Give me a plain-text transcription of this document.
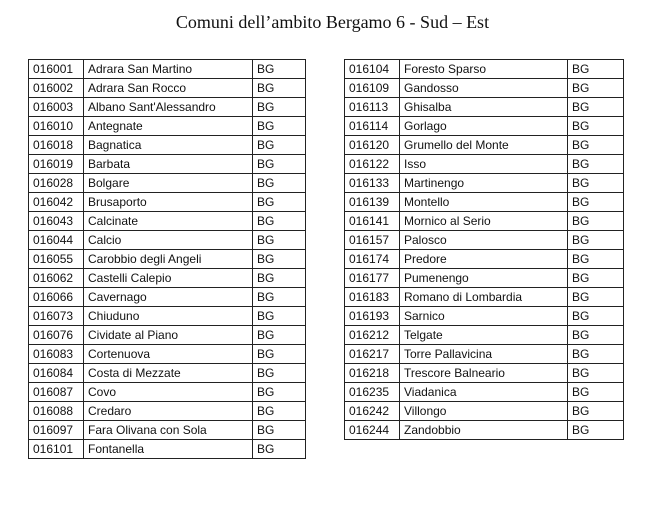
Comuni dell’ambito Bergamo 6 - Sud – Est
016001	Adrara San Martino	BG
016002	Adrara San Rocco	BG
016003	Albano Sant'Alessandro	BG
016010	Antegnate	BG
016018	Bagnatica	BG
016019	Barbata	BG
016028	Bolgare	BG
016042	Brusaporto	BG
016043	Calcinate	BG
016044	Calcio	BG
016055	Carobbio degli Angeli	BG
016062	Castelli Calepio	BG
016066	Cavernago	BG
016073	Chiuduno	BG
016076	Cividate al Piano	BG
016083	Cortenuova	BG
016084	Costa di Mezzate	BG
016087	Covo	BG
016088	Credaro	BG
016097	Fara Olivana con Sola	BG
016101	Fontanella	BG
016104	Foresto Sparso	BG
016109	Gandosso	BG
016113	Ghisalba	BG
016114	Gorlago	BG
016120	Grumello del Monte	BG
016122	Isso	BG
016133	Martinengo	BG
016139	Montello	BG
016141	Mornico al Serio	BG
016157	Palosco	BG
016174	Predore	BG
016177	Pumenengo	BG
016183	Romano di Lombardia	BG
016193	Sarnico	BG
016212	Telgate	BG
016217	Torre Pallavicina	BG
016218	Trescore Balneario	BG
016235	Viadanica	BG
016242	Villongo	BG
016244	Zandobbio	BG
